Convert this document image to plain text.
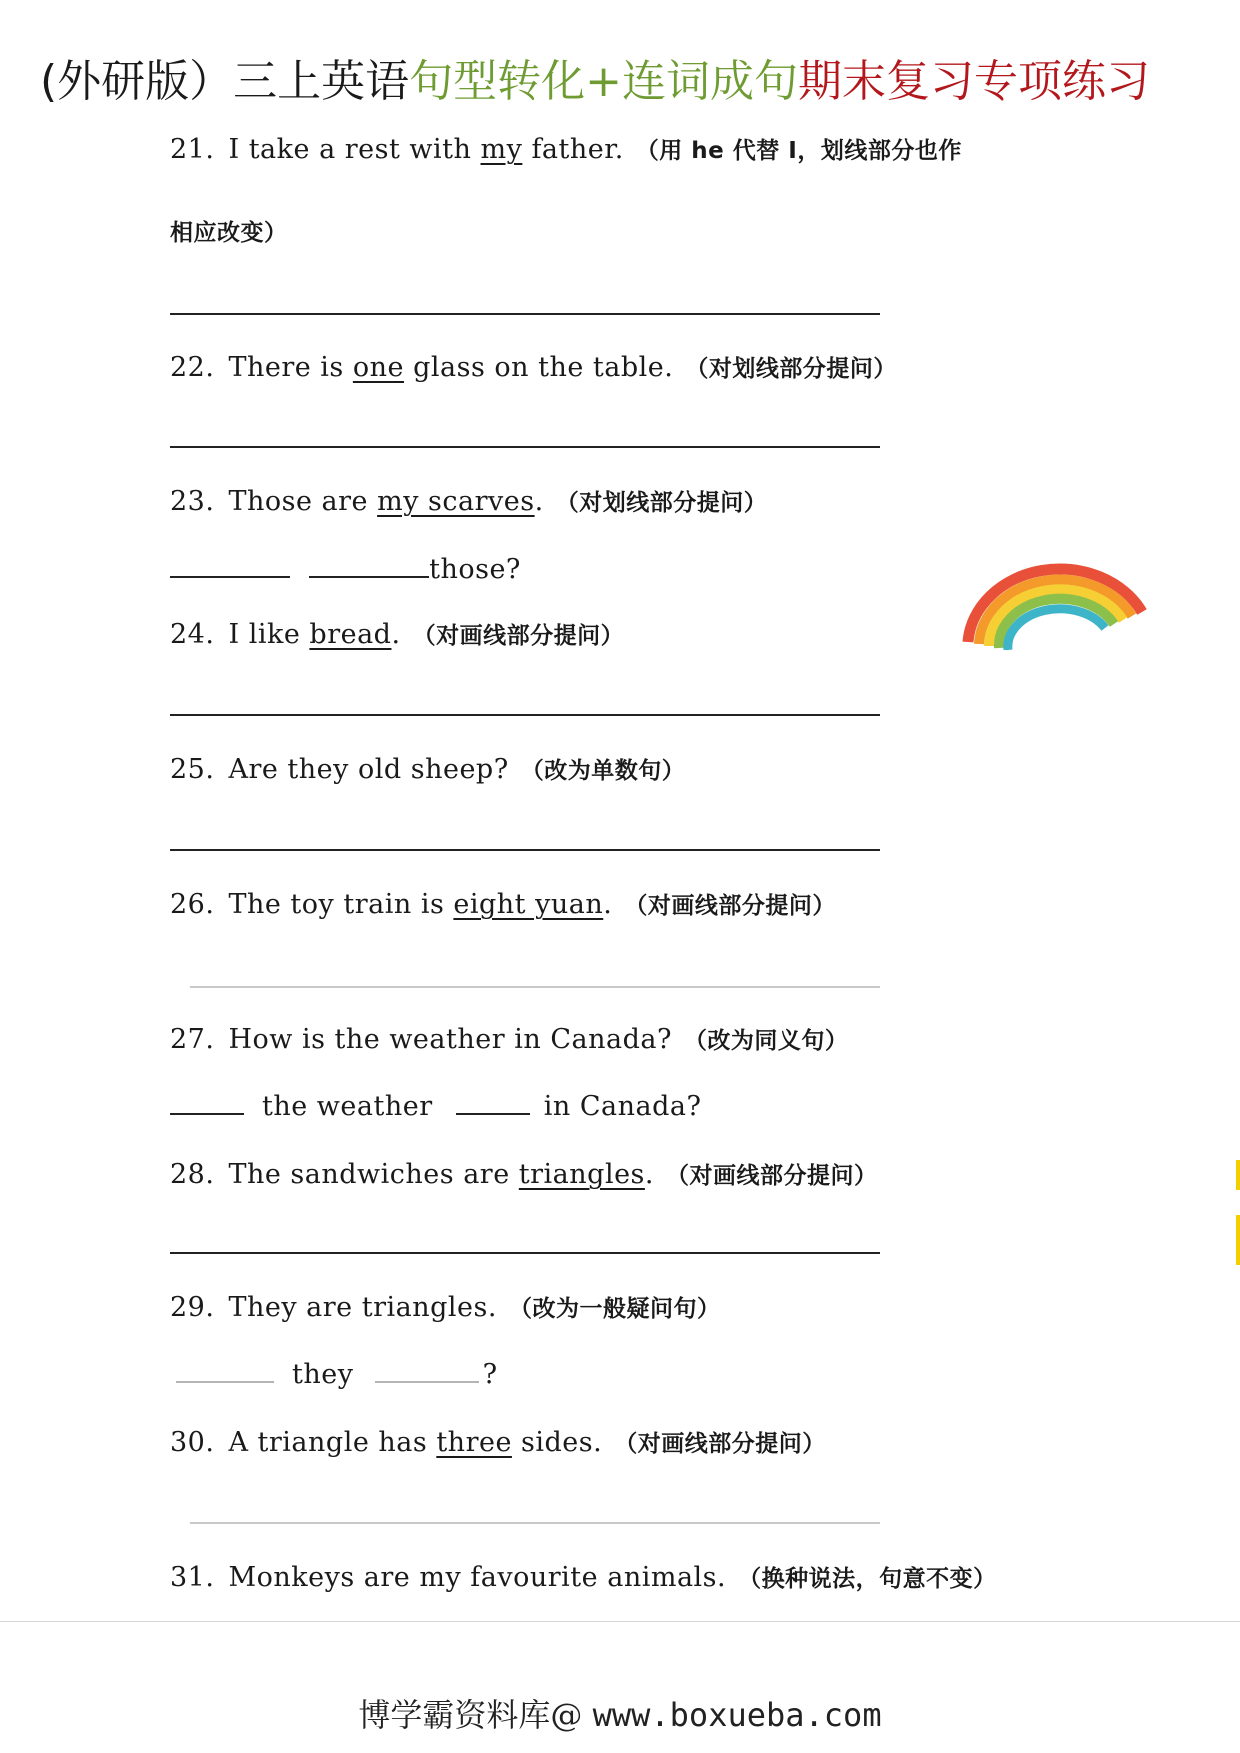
(外研版）三上英语句型转化+连词成句期末复习专项练习
21. I take a rest with my father. （用 he 代替 I，划线部分也作
相应改变）
22. There is one glass on the table. （对划线部分提问）
23. Those are my scarves. （对划线部分提问）
those?
24. I like bread. （对画线部分提问）
25. Are they old sheep? （改为单数句）
26. The toy train is eight yuan. （对画线部分提问）
27. How is the weather in Canada? （改为同义句）
the weather	in Canada?
28. The sandwiches are triangles. （对画线部分提问）
29. They are triangles. （改为一般疑问句）
they	?
30. A triangle has three sides. （对画线部分提问）
31. Monkeys are my favourite animals. （换种说法，句意不变）
博学霸资料库@ www.boxueba.com
